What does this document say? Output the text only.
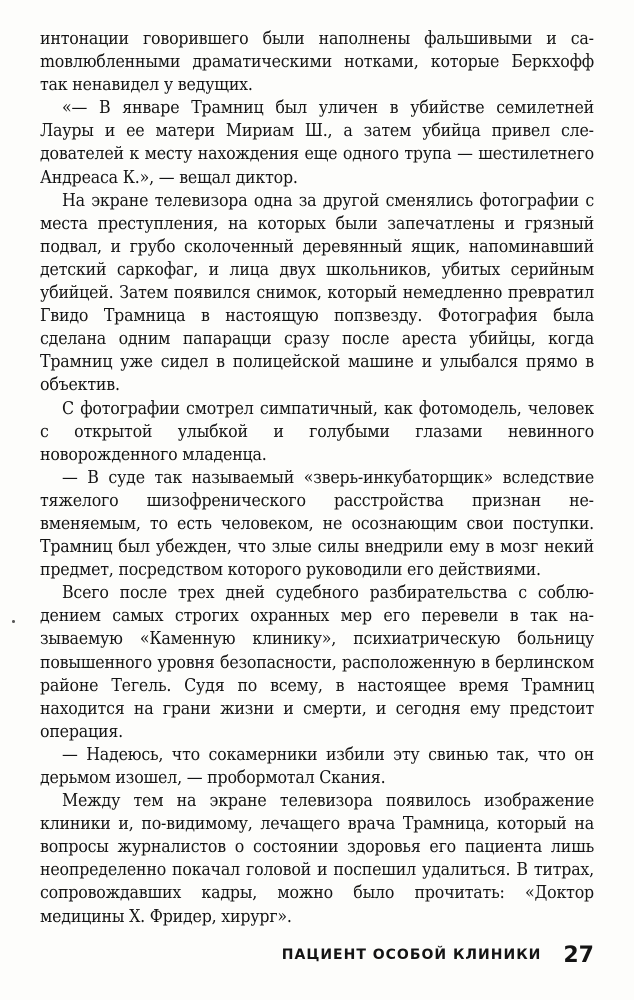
интонации говорившего были наполнены фальшивыми и саmовлюбленными драматическими нотками, которые Беркхофф так ненавидел у ведущих.

«— В январе Трамниц был уличен в убийстве семилетней Лауры и ее матери Мириам Ш., а затем убийца привел следователей к месту нахождения еще одного трупа — шестилетнего Андреаса К.», — вещал диктор.

На экране телевизора одна за другой сменялись фотографии с места преступления, на которых были запечатлены и грязный подвал, и грубо сколоченный деревянный ящик, напоминавший детский саркофаг, и лица двух школьников, убитых серийным убийцей. Затем появился снимок, который немедленно превратил Гвидо Трамница в настоящую попзвезду. Фотография была сделана одним папарацци сразу после ареста убийцы, когда Трамниц уже сидел в полицейской машине и улыбался прямо в объектив.

С фотографии смотрел симпатичный, как фотомодель, человек с открытой улыбкой и голубыми глазами невинного новорожденного младенца.

— В суде так называемый «зверь-инкубаторщик» вследствие тяжелого шизофренического расстройства признан невменяемым, то есть человеком, не осознающим свои поступки. Трамниц был убежден, что злые силы внедрили ему в мозг некий предмет, посредством которого руководили его действиями.

Всего после трех дней судебного разбирательства с соблюдением самых строгих охранных мер его перевели в так называемую «Каменную клинику», психиатрическую больницу повышенного уровня безопасности, расположенную в берлинском районе Тегель. Судя по всему, в настоящее время Трамниц находится на грани жизни и смерти, и сегодня ему предстоит операция.

— Надеюсь, что сокамерники избили эту свинью так, что он дерьмом изошел, — пробормотал Скания.

Между тем на экране телевизора появилось изображение клиники и, по-видимому, лечащего врача Трамница, который на вопросы журналистов о состоянии здоровья его пациента лишь неопределенно покачал головой и поспешил удалиться. В титрах, сопровождавших кадры, можно было прочитать: «Доктор медицины Х. Фридер, хирург».

ПАЦИЕНТ ОСОБОЙ КЛИНИКИ 27
